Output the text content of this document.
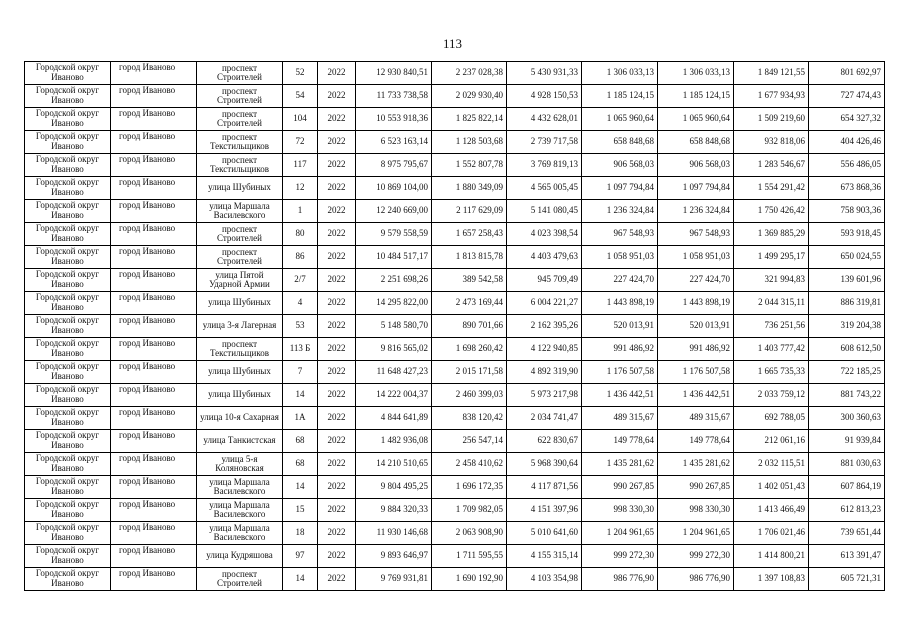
113
Городской округ Иваново	город Иваново	проспект Строителей	52	2022	12 930 840,51	2 237 028,38	5 430 931,33	1 306 033,13	1 306 033,13	1 849 121,55	801 692,97
Городской округ Иваново	город Иваново	проспект Строителей	54	2022	11 733 738,58	2 029 930,40	4 928 150,53	1 185 124,15	1 185 124,15	1 677 934,93	727 474,43
Городской округ Иваново	город Иваново	проспект Строителей	104	2022	10 553 918,36	1 825 822,14	4 432 628,01	1 065 960,64	1 065 960,64	1 509 219,60	654 327,32
Городской округ Иваново	город Иваново	проспект Текстильщиков	72	2022	6 523 163,14	1 128 503,68	2 739 717,58	658 848,68	658 848,68	932 818,06	404 426,46
Городской округ Иваново	город Иваново	проспект Текстильщиков	117	2022	8 975 795,67	1 552 807,78	3 769 819,13	906 568,03	906 568,03	1 283 546,67	556 486,05
Городской округ Иваново	город Иваново	улица Шубиных	12	2022	10 869 104,00	1 880 349,09	4 565 005,45	1 097 794,84	1 097 794,84	1 554 291,42	673 868,36
Городской округ Иваново	город Иваново	улица Маршала Василевского	1	2022	12 240 669,00	2 117 629,09	5 141 080,45	1 236 324,84	1 236 324,84	1 750 426,42	758 903,36
Городской округ Иваново	город Иваново	проспект Строителей	80	2022	9 579 558,59	1 657 258,43	4 023 398,54	967 548,93	967 548,93	1 369 885,29	593 918,45
Городской округ Иваново	город Иваново	проспект Строителей	86	2022	10 484 517,17	1 813 815,78	4 403 479,63	1 058 951,03	1 058 951,03	1 499 295,17	650 024,55
Городской округ Иваново	город Иваново	улица Пятой Ударной Армии	2/7	2022	2 251 698,26	389 542,58	945 709,49	227 424,70	227 424,70	321 994,83	139 601,96
Городской округ Иваново	город Иваново	улица Шубиных	4	2022	14 295 822,00	2 473 169,44	6 004 221,27	1 443 898,19	1 443 898,19	2 044 315,11	886 319,81
Городской округ Иваново	город Иваново	улица 3-я Лагерная	53	2022	5 148 580,70	890 701,66	2 162 395,26	520 013,91	520 013,91	736 251,56	319 204,38
Городской округ Иваново	город Иваново	проспект Текстильщиков	113 Б	2022	9 816 565,02	1 698 260,42	4 122 940,85	991 486,92	991 486,92	1 403 777,42	608 612,50
Городской округ Иваново	город Иваново	улица Шубиных	7	2022	11 648 427,23	2 015 171,58	4 892 319,90	1 176 507,58	1 176 507,58	1 665 735,33	722 185,25
Городской округ Иваново	город Иваново	улица Шубиных	14	2022	14 222 004,37	2 460 399,03	5 973 217,98	1 436 442,51	1 436 442,51	2 033 759,12	881 743,22
Городской округ Иваново	город Иваново	улица 10-я Сахарная	1А	2022	4 844 641,89	838 120,42	2 034 741,47	489 315,67	489 315,67	692 788,05	300 360,63
Городской округ Иваново	город Иваново	улица Танкистская	68	2022	1 482 936,08	256 547,14	622 830,67	149 778,64	149 778,64	212 061,16	91 939,84
Городской округ Иваново	город Иваново	улица 5-я Коляновская	68	2022	14 210 510,65	2 458 410,62	5 968 390,64	1 435 281,62	1 435 281,62	2 032 115,51	881 030,63
Городской округ Иваново	город Иваново	улица Маршала Василевского	14	2022	9 804 495,25	1 696 172,35	4 117 871,56	990 267,85	990 267,85	1 402 051,43	607 864,19
Городской округ Иваново	город Иваново	улица Маршала Василевского	15	2022	9 884 320,33	1 709 982,05	4 151 397,96	998 330,30	998 330,30	1 413 466,49	612 813,23
Городской округ Иваново	город Иваново	улица Маршала Василевского	18	2022	11 930 146,68	2 063 908,90	5 010 641,60	1 204 961,65	1 204 961,65	1 706 021,46	739 651,44
Городской округ Иваново	город Иваново	улица Кудряшова	97	2022	9 893 646,97	1 711 595,55	4 155 315,14	999 272,30	999 272,30	1 414 800,21	613 391,47
Городской округ Иваново	город Иваново	проспект Строителей	14	2022	9 769 931,81	1 690 192,90	4 103 354,98	986 776,90	986 776,90	1 397 108,83	605 721,31
